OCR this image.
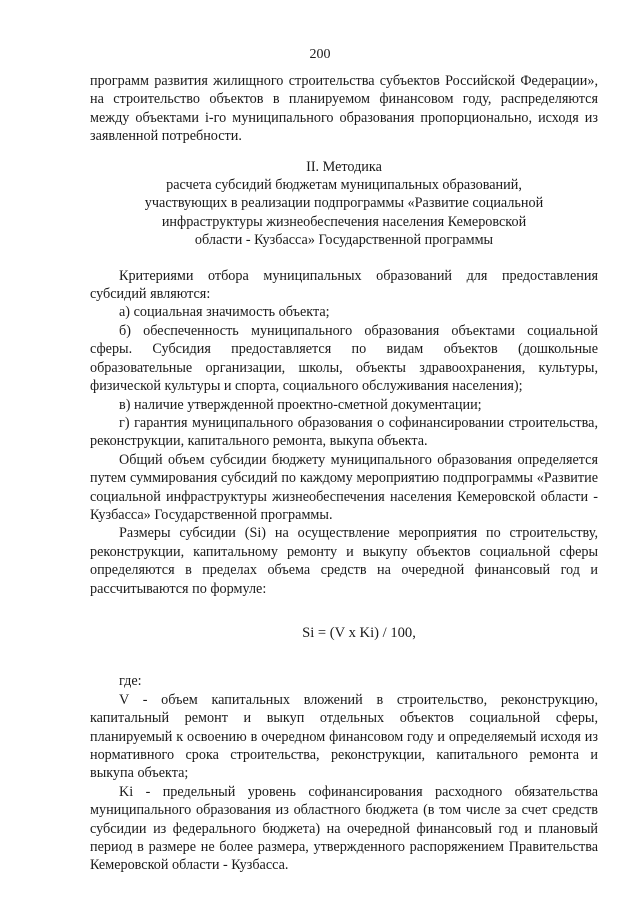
200

программ развития жилищного строительства субъектов Российской Федерации», на строительство объектов в планируемом финансовом году, распределяются между объектами i-го муниципального образования пропорционально, исходя из заявленной потребности.

II. Методика
расчета субсидий бюджетам муниципальных образований,
участвующих в реализации подпрограммы «Развитие социальной
инфраструктуры жизнеобеспечения населения Кемеровской
области - Кузбасса» Государственной программы

Критериями отбора муниципальных образований для предоставления субсидий являются:

а) социальная значимость объекта;

б) обеспеченность муниципального образования объектами социальной сферы. Субсидия предоставляется по видам объектов (дошкольные образовательные организации, школы, объекты здравоохранения, культуры, физической культуры и спорта, социального обслуживания населения);

в) наличие утвержденной проектно-сметной документации;

г) гарантия муниципального образования о софинансировании строительства, реконструкции, капитального ремонта, выкупа объекта.

Общий объем субсидии бюджету муниципального образования определяется путем суммирования субсидий по каждому мероприятию подпрограммы «Развитие социальной инфраструктуры жизнеобеспечения населения Кемеровской области - Кузбасса» Государственной программы.

Размеры субсидии (Si) на осуществление мероприятия по строительству, реконструкции, капитальному ремонту и выкупу объектов социальной сферы определяются в пределах объема средств на очередной финансовый год и рассчитываются по формуле:

Si = (V x Ki) / 100,

где:

V - объем капитальных вложений в строительство, реконструкцию, капитальный ремонт и выкуп отдельных объектов социальной сферы, планируемый к освоению в очередном финансовом году и определяемый исходя из нормативного срока строительства, реконструкции, капитального ремонта и выкупа объекта;

Ki - предельный уровень софинансирования расходного обязательства муниципального образования из областного бюджета (в том числе за счет средств субсидии из федерального бюджета) на очередной финансовый год и плановый период в размере не более размера, утвержденного распоряжением Правительства Кемеровской области - Кузбасса.
